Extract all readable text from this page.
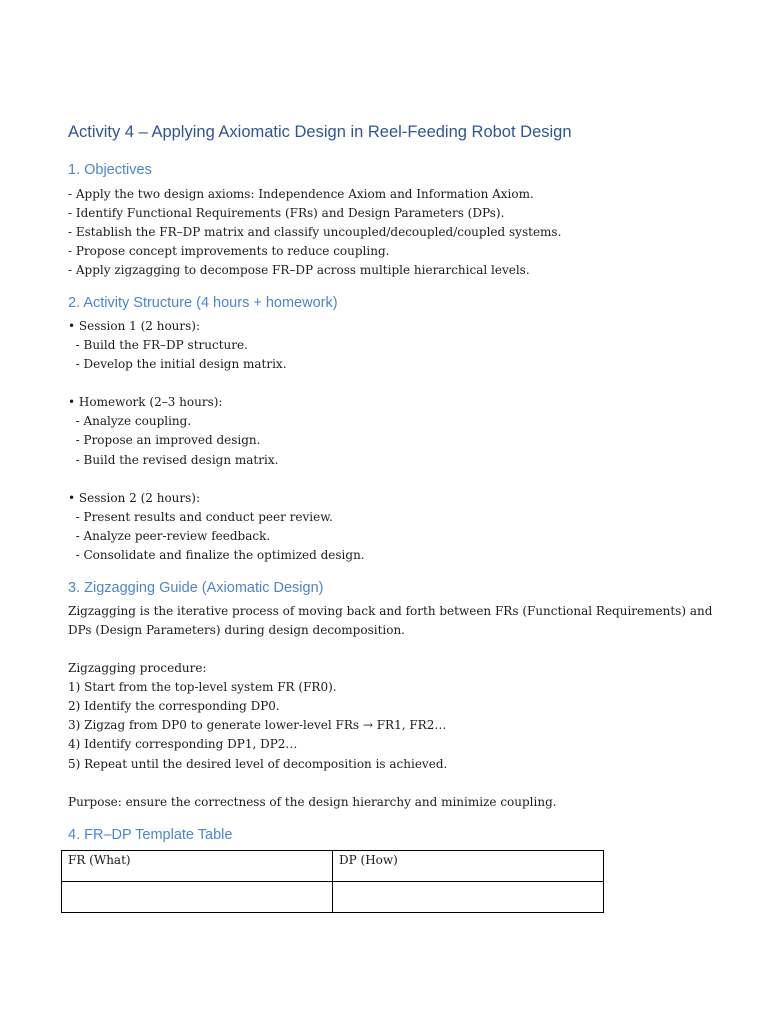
Activity 4 – Applying Axiomatic Design in Reel-Feeding Robot Design
1. Objectives
- Apply the two design axioms: Independence Axiom and Information Axiom.
- Identify Functional Requirements (FRs) and Design Parameters (DPs).
- Establish the FR–DP matrix and classify uncoupled/decoupled/coupled systems.
- Propose concept improvements to reduce coupling.
- Apply zigzagging to decompose FR–DP across multiple hierarchical levels.
2. Activity Structure (4 hours + homework)
• Session 1 (2 hours):
- Build the FR–DP structure.
- Develop the initial design matrix.
• Homework (2–3 hours):
- Analyze coupling.
- Propose an improved design.
- Build the revised design matrix.
• Session 2 (2 hours):
- Present results and conduct peer review.
- Analyze peer-review feedback.
- Consolidate and finalize the optimized design.
3. Zigzagging Guide (Axiomatic Design)
Zigzagging is the iterative process of moving back and forth between FRs (Functional Requirements) and
DPs (Design Parameters) during design decomposition.
Zigzagging procedure:
1) Start from the top-level system FR (FR0).
2) Identify the corresponding DP0.
3) Zigzag from DP0 to generate lower-level FRs → FR1, FR2…
4) Identify corresponding DP1, DP2…
5) Repeat until the desired level of decomposition is achieved.
Purpose: ensure the correctness of the design hierarchy and minimize coupling.
4. FR–DP Template Table
FR (What)	DP (How)
